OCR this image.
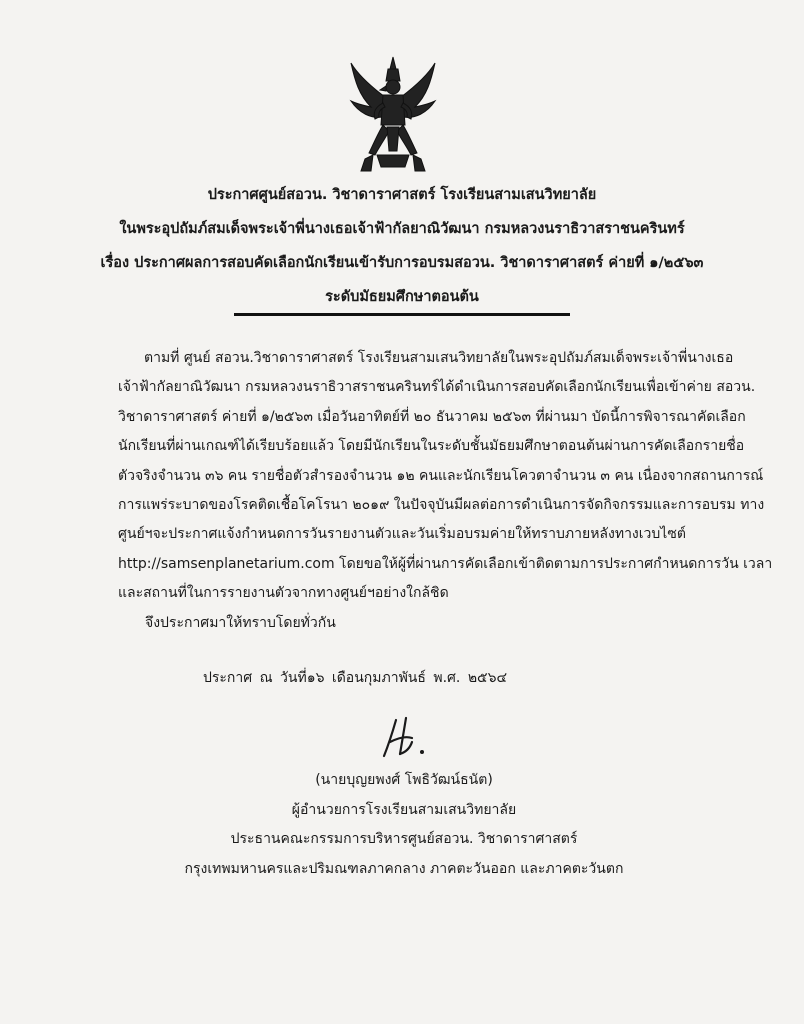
ประกาศศูนย์สอวน. วิชาดาราศาสตร์ โรงเรียนสามเสนวิทยาลัย
ในพระอุปถัมภ์สมเด็จพระเจ้าพี่นางเธอเจ้าฟ้ากัลยาณิวัฒนา กรมหลวงนราธิวาสราชนครินทร์
เรื่อง ประกาศผลการสอบคัดเลือกนักเรียนเข้ารับการอบรมสอวน. วิชาดาราศาสตร์ ค่ายที่ ๑/๒๕๖๓
ระดับมัธยมศึกษาตอนต้น
ตามที่ ศูนย์ สอวน.วิชาดาราศาสตร์ โรงเรียนสามเสนวิทยาลัยในพระอุปถัมภ์สมเด็จพระเจ้าพี่นางเธอ
เจ้าฟ้ากัลยาณิวัฒนา กรมหลวงนราธิวาสราชนครินทร์ได้ดำเนินการสอบคัดเลือกนักเรียนเพื่อเข้าค่าย สอวน.
วิชาดาราศาสตร์ ค่ายที่ ๑/๒๕๖๓ เมื่อวันอาทิตย์ที่ ๒๐ ธันวาคม ๒๕๖๓ ที่ผ่านมา บัดนี้การพิจารณาคัดเลือก
นักเรียนที่ผ่านเกณฑ์ได้เรียบร้อยแล้ว โดยมีนักเรียนในระดับชั้นมัธยมศึกษาตอนต้นผ่านการคัดเลือกรายชื่อ
ตัวจริงจำนวน ๓๖ คน รายชื่อตัวสำรองจำนวน ๑๒ คนและนักเรียนโควตาจำนวน ๓ คน เนื่องจากสถานการณ์
การแพร่ระบาดของโรคติดเชื้อโคโรนา ๒๐๑๙ ในปัจจุบันมีผลต่อการดำเนินการจัดกิจกรรมและการอบรม ทาง
ศูนย์ฯจะประกาศแจ้งกำหนดการวันรายงานตัวและวันเริ่มอบรมค่ายให้ทราบภายหลังทางเวบไซต์
http://samsenplanetarium.com โดยขอให้ผู้ที่ผ่านการคัดเลือกเข้าติดตามการประกาศกำหนดการวัน เวลา
และสถานที่ในการรายงานตัวจากทางศูนย์ฯอย่างใกล้ชิด
จึงประกาศมาให้ทราบโดยทั่วกัน
ประกาศ ณ วันที่๑๖ เดือนกุมภาพันธ์ พ.ศ. ๒๕๖๔
(นายบุญยพงศ์ โพธิวัฒน์ธนัต)
ผู้อำนวยการโรงเรียนสามเสนวิทยาลัย
ประธานคณะกรรมการบริหารศูนย์สอวน. วิชาดาราศาสตร์
กรุงเทพมหานครและปริมณฑลภาคกลาง ภาคตะวันออก และภาคตะวันตก
